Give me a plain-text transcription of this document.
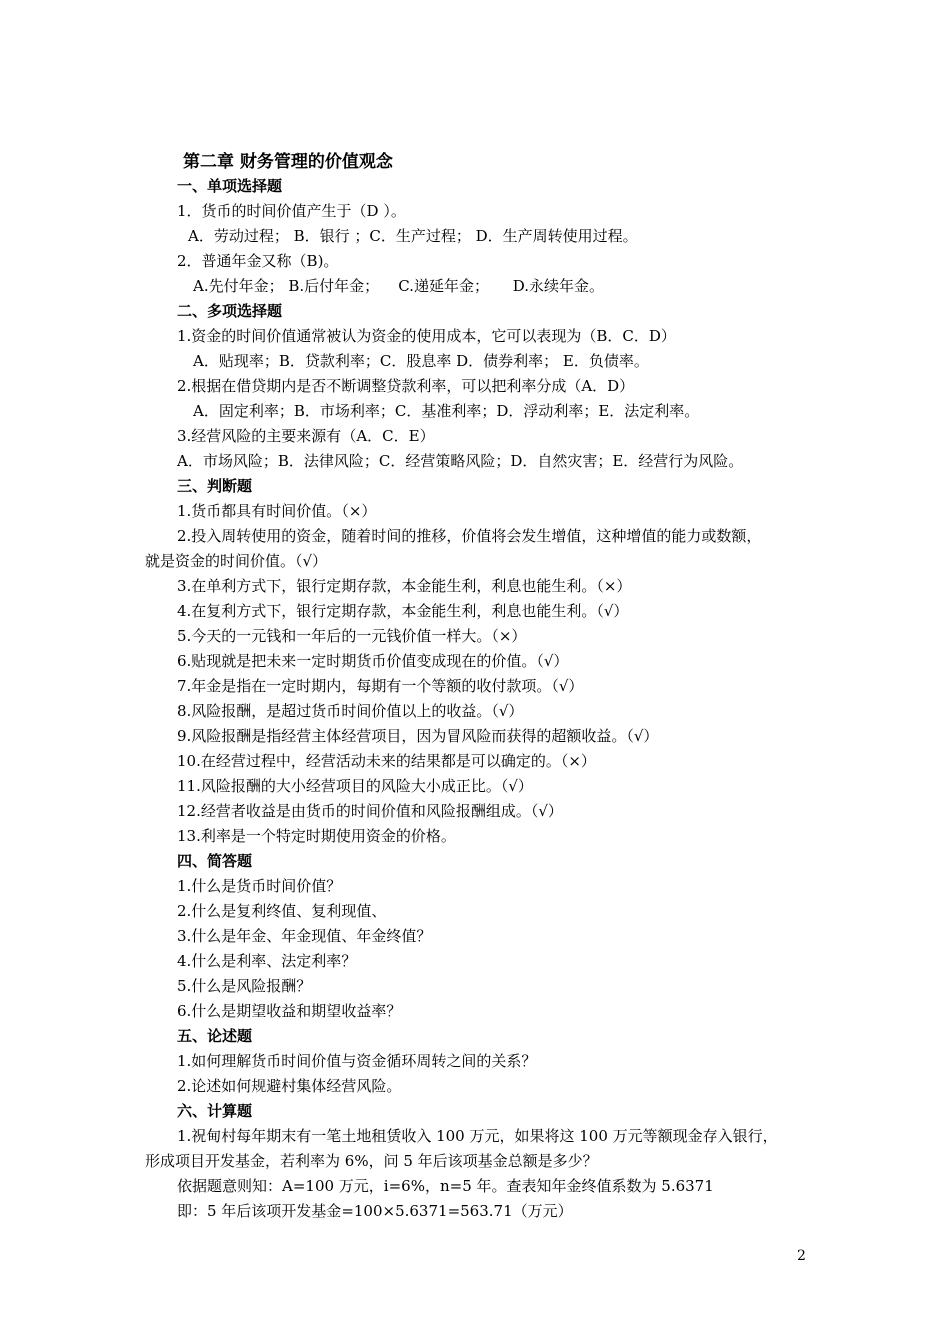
第二章 财务管理的价值观念
一、单项选择题
1．货币的时间价值产生于（D ）。
A．劳动过程； B．银行 ；C．生产过程； D．生产周转使用过程。
2．普通年金又称（B)。
A.先付年金； B.后付年金；    C.递延年金；     D.永续年金。
二、多项选择题
1.资金的时间价值通常被认为资金的使用成本，它可以表现为（B．C．D）
A．贴现率；B．贷款利率；C．股息率 D．债券利率； E．负债率。
2.根据在借贷期内是否不断调整贷款利率，可以把利率分成（A．D）
A．固定利率；B．市场利率；C．基准利率；D．浮动利率；E．法定利率。
3.经营风险的主要来源有（A．C．E）
A．市场风险；B．法律风险；C．经营策略风险；D．自然灾害；E．经营行为风险。
三、判断题
1.货币都具有时间价值。（×）
2.投入周转使用的资金，随着时间的推移，价值将会发生增值，这种增值的能力或数额，
就是资金的时间价值。（√）
3.在单利方式下，银行定期存款，本金能生利，利息也能生利。（×）
4.在复利方式下，银行定期存款，本金能生利，利息也能生利。（√）
5.今天的一元钱和一年后的一元钱价值一样大。（×）
6.贴现就是把未来一定时期货币价值变成现在的价值。（√）
7.年金是指在一定时期内，每期有一个等额的收付款项。（√）
8.风险报酬，是超过货币时间价值以上的收益。（√）
9.风险报酬是指经营主体经营项目，因为冒风险而获得的超额收益。（√）
10.在经营过程中，经营活动未来的结果都是可以确定的。（×）
11.风险报酬的大小经营项目的风险大小成正比。（√）
12.经营者收益是由货币的时间价值和风险报酬组成。（√）
13.利率是一个特定时期使用资金的价格。
四、简答题
1.什么是货币时间价值？
2.什么是复利终值、复利现值、
3.什么是年金、年金现值、年金终值？
4.什么是利率、法定利率？
5.什么是风险报酬？
6.什么是期望收益和期望收益率？
五、论述题
1.如何理解货币时间价值与资金循环周转之间的关系？
2.论述如何规避村集体经营风险。
六、计算题
1.祝甸村每年期末有一笔土地租赁收入 100 万元，如果将这 100 万元等额现金存入银行，
形成项目开发基金，若利率为 6%，问 5 年后该项基金总额是多少？
依据题意则知：A=100 万元，i=6%，n=5 年。查表知年金终值系数为 5.6371
即：5 年后该项开发基金=100×5.6371=563.71（万元）
2
